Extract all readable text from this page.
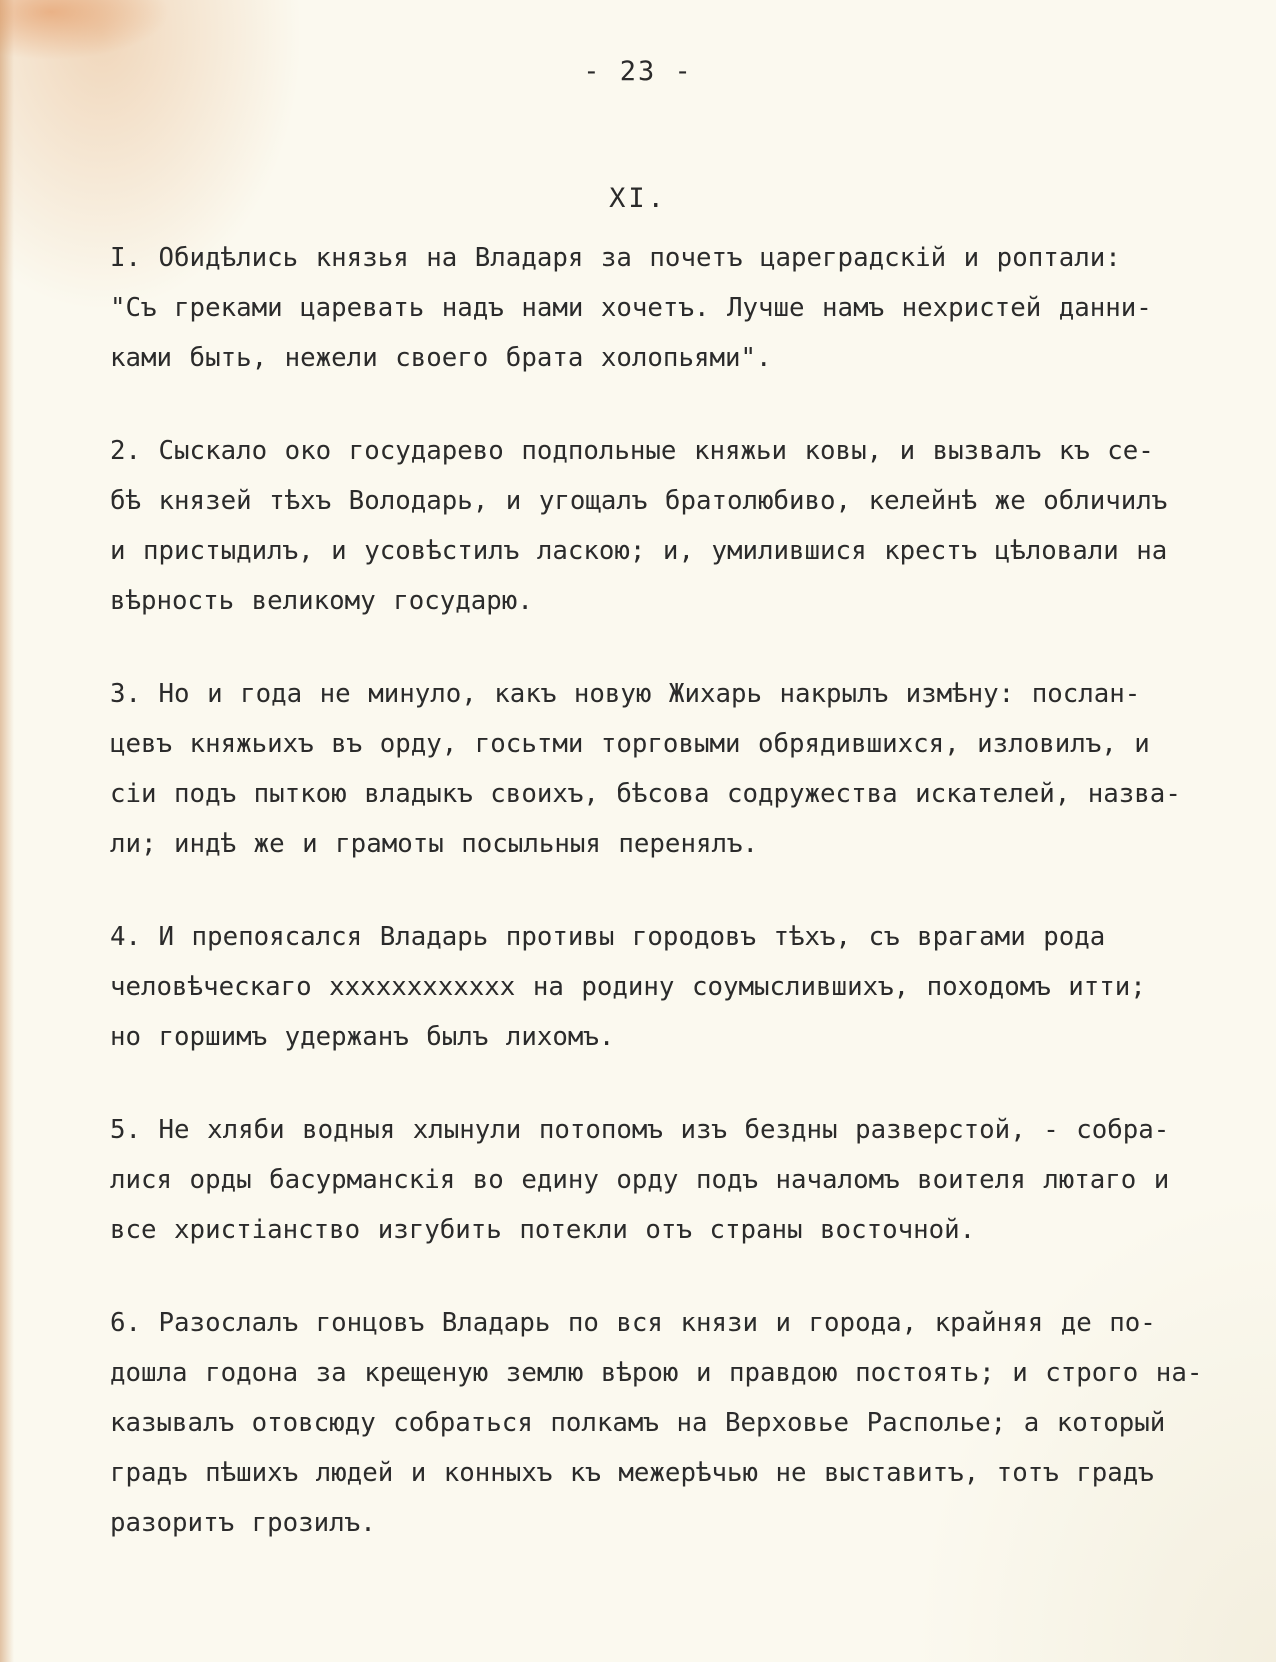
- 23 -
XI.
I. Обидѣлись князья на Владаря за почетъ цареградскій и роптали:
"Съ греками царевать надъ нами хочетъ. Лучше намъ нехристей данни-
ками быть, нежели своего брата холопьями".
2. Сыскало око государево подпольные княжьи ковы, и вызвалъ къ се-
бѣ князей тѣхъ Володарь, и угощалъ братолюбиво, келейнѣ же обличилъ
и пристыдилъ, и усовѣстилъ ласкою; и, умилившися крестъ цѣловали на
вѣрность великому государю.
3. Но и года не минуло, какъ новую Жихарь накрылъ измѣну: послан-
цевъ княжьихъ въ орду, госьтми торговыми обрядившихся, изловилъ, и
сіи подъ пыткою владыкъ своихъ, бѣсова содружества искателей, назва-
ли; индѣ же и грамоты посыльныя перенялъ.
4. И препоясался Владарь противы городовъ тѣхъ, съ врагами рода
человѣческаго хххххххххххх на родину соумыслившихъ, походомъ итти;
но горшимъ удержанъ былъ лихомъ.
5. Не хляби водныя хлынули потопомъ изъ бездны разверстой, - собра-
лися орды басурманскія во едину орду подъ началомъ воителя лютаго и
все христіанство изгубить потекли отъ страны восточной.
6. Разослалъ гонцовъ Владарь по вся князи и города, крайняя де по-
дошла годона за крещеную землю вѣрою и правдою постоять; и строго на-
казывалъ отовсюду собраться полкамъ на Верховье Располье; а который
градъ пѣшихъ людей и конныхъ къ межерѣчью не выставитъ, тотъ градъ
разоритъ грозилъ.
